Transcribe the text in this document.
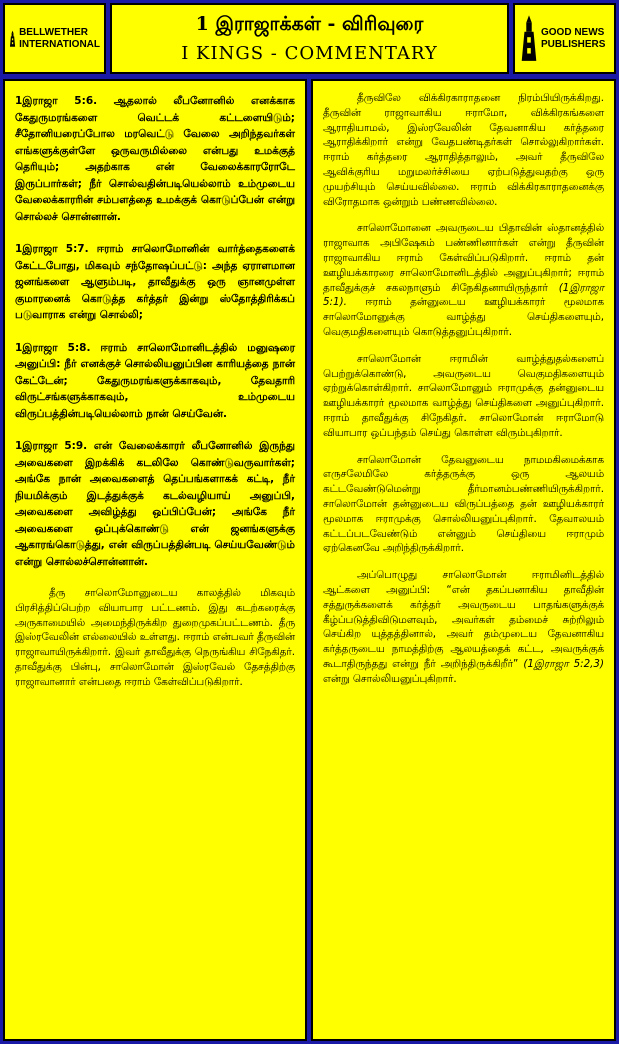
BELLWETHER
INTERNATIONAL
1 இராஜாக்கள் - விரிவுரை
I KINGS - COMMENTARY
GOOD NEWS
PUBLISHERS

1இராஜா 5:6. ஆதலால் லீபனோனில் எனக்காக கேதுருமரங்களை வெட்டக் கட்டளையிடும்; சீதோனியரைப்போல மரவெட்டு வேலை அறிந்தவர்கள் எங்களுக்குள்ளே ஒருவருமில்லை என்பது உமக்குத் தெரியும்; அதற்காக என் வேலைக்காரரோடே இருப்பார்கள்; நீர் சொல்வதின்படியெல்லாம் உம்முடைய வேலைக்காரரின் சம்பளத்தை உமக்குக் கொடுப்பேன் என்று சொல்லச் சொன்னான்.

1இராஜா 5:7. ஈராம் சாலொமோனின் வார்த்தைகளைக் கேட்டபோது, மிகவும் சந்தோஷப்பட்டு: அந்த ஏராளமான ஜனங்களை ஆளும்படி, தாவீதுக்கு ஒரு ஞானமுள்ள குமாரனைக் கொடுத்த கர்த்தர் இன்று ஸ்தோத்திரிக்கப் படுவாராக என்று சொல்லி;

1இராஜா 5:8. ஈராம் சாலொமோனிடத்தில் மனுஷரை அனுப்பி: நீர் எனக்குச் சொல்லியனுப்பின காரியத்தை நான் கேட்டேன்; கேதுருமரங்களுக்காகவும், தேவதாரி விருட்சங்களுக்காகவும், உம்முடைய விருப்பத்தின்படியெல்லாம் நான் செய்வேன்.

1இராஜா 5:9. என் வேலைக்காரர் லீபனோனில் இருந்து அவைகளை இறக்கிக் கடலிலே கொண்டுவருவார்கள்; அங்கே நான் அவைகளைத் தெப்பங்களாகக் கட்டி, நீர் நியமிக்கும் இடத்துக்குக் கடல்வழியாய் அனுப்பி, அவைகளை அவிழ்த்து ஒப்பிப்பேன்; அங்கே நீர் அவைகளை ஒப்புக்கொண்டு என் ஜனங்களுக்கு ஆகாரங்கொடுத்து, என் விருப்பத்தின்படி செய்யவேண்டும் என்று சொல்லச்சொன்னான்.

தீரு சாலொமோனுடைய காலத்தில் மிகவும் பிரசித்திப்பெற்ற வியாபார பட்டணம். இது கடற்கரைக்கு அருகாமையில் அமைந்திருக்கிற துறைமுகப்பட்டணம். தீரு இஸ்ரவேலின் எல்லையில் உள்ளது. ஈராம் என்பவர் தீருவின் ராஜாவாயிருக்கிறார். இவர் தாவீதுக்கு நெருங்கிய சிநேகிதர். தாவீதுக்கு பின்பு, சாலொமோன் இஸ்ரவேல் தேசத்திற்கு ராஜாவானார் என்பதை ஈராம் கேள்விப்படுகிறார்.

தீருவிலே விக்கிரகாராதனை நிரம்பியிருக்கிறது. தீருவின் ராஜாவாகிய ஈராமோ, விக்கிரகங்களை ஆராதியாமல், இஸ்ரவேலின் தேவனாகிய கர்த்தரை ஆராதிக்கிறார் என்று வேதபண்டிதர்கள் சொல்லுகிறார்கள். ஈராம் கர்த்தரை ஆராதித்தாலும், அவர் தீருவிலே ஆவிக்குரிய மறுமலர்ச்சியை ஏற்படுத்துவதற்கு ஒரு முயற்சியும் செய்யவில்லை. ஈராம் விக்கிரகாராதனைக்கு விரோதமாக ஒன்றும் பண்ணவில்லை.

சாலொமோனை அவருடைய பிதாவின் ஸ்தானத்தில் ராஜாவாக அபிஷேகம் பண்ணினார்கள் என்று தீருவின் ராஜாவாகிய ஈராம் கேள்விப்படுகிறார். ஈராம் தன் ஊழியக்காரரை சாலொமோனிடத்தில் அனுப்புகிறார்; ஈராம் தாவீதுக்குச் சகலநாளும் சிநேகிதனாயிருந்தார் (1இராஜா 5:1). ஈராம் தன்னுடைய ஊழியக்காரர் மூலமாக சாலொமோனுக்கு வாழ்த்து செய்திகளையும், வெகுமதிகளையும் கொடுத்தனுப்புகிறார்.

சாலொமோன் ஈராமின் வாழ்த்துதல்களைப் பெற்றுக்கொண்டு, அவருடைய வெகுமதிகளையும் ஏற்றுக்கொள்கிறார். சாலொமோனும் ஈராமுக்கு தன்னுடைய ஊழியக்காரர் மூலமாக வாழ்த்து செய்திகளை அனுப்புகிறார். ஈராம் தாவீதுக்கு சிநேகிதர். சாலொமோன் ஈராமோடு வியாபார ஒப்பந்தம் செய்து கொள்ள விரும்புகிறார்.

சாலொமோன் தேவனுடைய நாமமகிமைக்காக எருசலேமிலே கர்த்தருக்கு ஒரு ஆலயம் கட்டவேண்டுமென்று தீர்மானம்பண்ணியிருக்கிறார். சாலொமோன் தன்னுடைய விருப்பத்தை தன் ஊழியக்காரர் மூலமாக ஈராமுக்கு சொல்லியனுப்புகிறார். தேவாலயம் கட்டப்படவேண்டும் என்னும் செய்தியை ஈராமும் ஏற்கெனவே அறிந்திருக்கிறார்.

அப்பொழுது சாலொமோன் ஈராமினிடத்தில் ஆட்களை அனுப்பி: “என் தகப்பனாகிய தாவீதின் சத்துருக்களைக் கர்த்தர் அவருடைய பாதங்களுக்குக் கீழ்ப்படுத்திவிடுமளவும், அவர்கள் தம்மைச் சுற்றிலும் செய்கிற யுத்தத்தினால், அவர் தம்முடைய தேவனாகிய கர்த்தருடைய நாமத்திற்கு ஆலயத்தைக் கட்ட, அவருக்குக் கூடாதிருந்தது என்று நீர் அறிந்திருக்கிறீர்” (1இராஜா 5:2,3) என்று சொல்லியனுப்புகிறார்.
